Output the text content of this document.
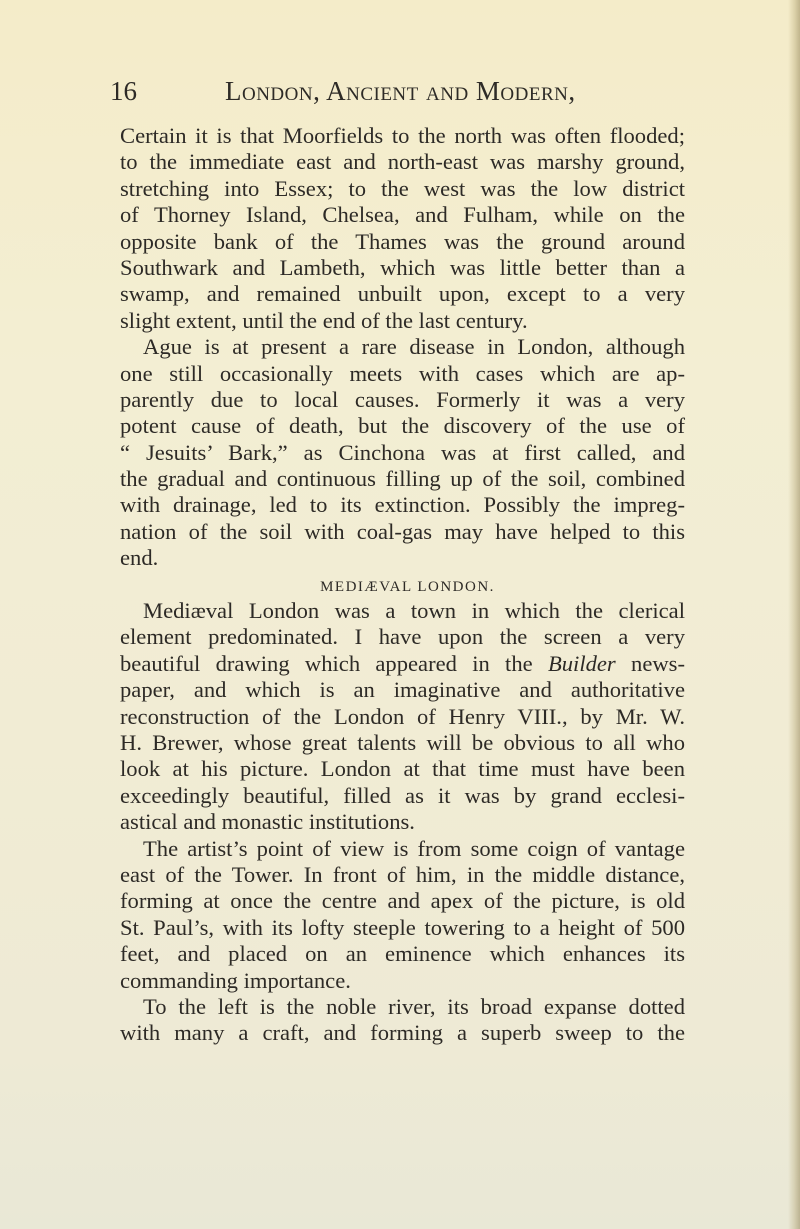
16	London, Ancient and Modern,
Certain it is that Moorfields to the north was often flooded;
to the immediate east and north-east was marshy ground,
stretching into Essex; to the west was the low district
of Thorney Island, Chelsea, and Fulham, while on the
opposite bank of the Thames was the ground around
Southwark and Lambeth, which was little better than a
swamp, and remained unbuilt upon, except to a very
slight extent, until the end of the last century.
Ague is at present a rare disease in London, although
one still occasionally meets with cases which are ap-
parently due to local causes. Formerly it was a very
potent cause of death, but the discovery of the use of
“ Jesuits’ Bark,” as Cinchona was at first called, and
the gradual and continuous filling up of the soil, combined
with drainage, led to its extinction. Possibly the impreg-
nation of the soil with coal-gas may have helped to this
end.
MEDIÆVAL LONDON.
Mediæval London was a town in which the clerical
element predominated. I have upon the screen a very
beautiful drawing which appeared in the Builder news-
paper, and which is an imaginative and authoritative
reconstruction of the London of Henry VIII., by Mr. W.
H. Brewer, whose great talents will be obvious to all who
look at his picture. London at that time must have been
exceedingly beautiful, filled as it was by grand ecclesi-
astical and monastic institutions.
The artist’s point of view is from some coign of vantage
east of the Tower. In front of him, in the middle distance,
forming at once the centre and apex of the picture, is old
St. Paul’s, with its lofty steeple towering to a height of 500
feet, and placed on an eminence which enhances its
commanding importance.
To the left is the noble river, its broad expanse dotted
with many a craft, and forming a superb sweep to the
